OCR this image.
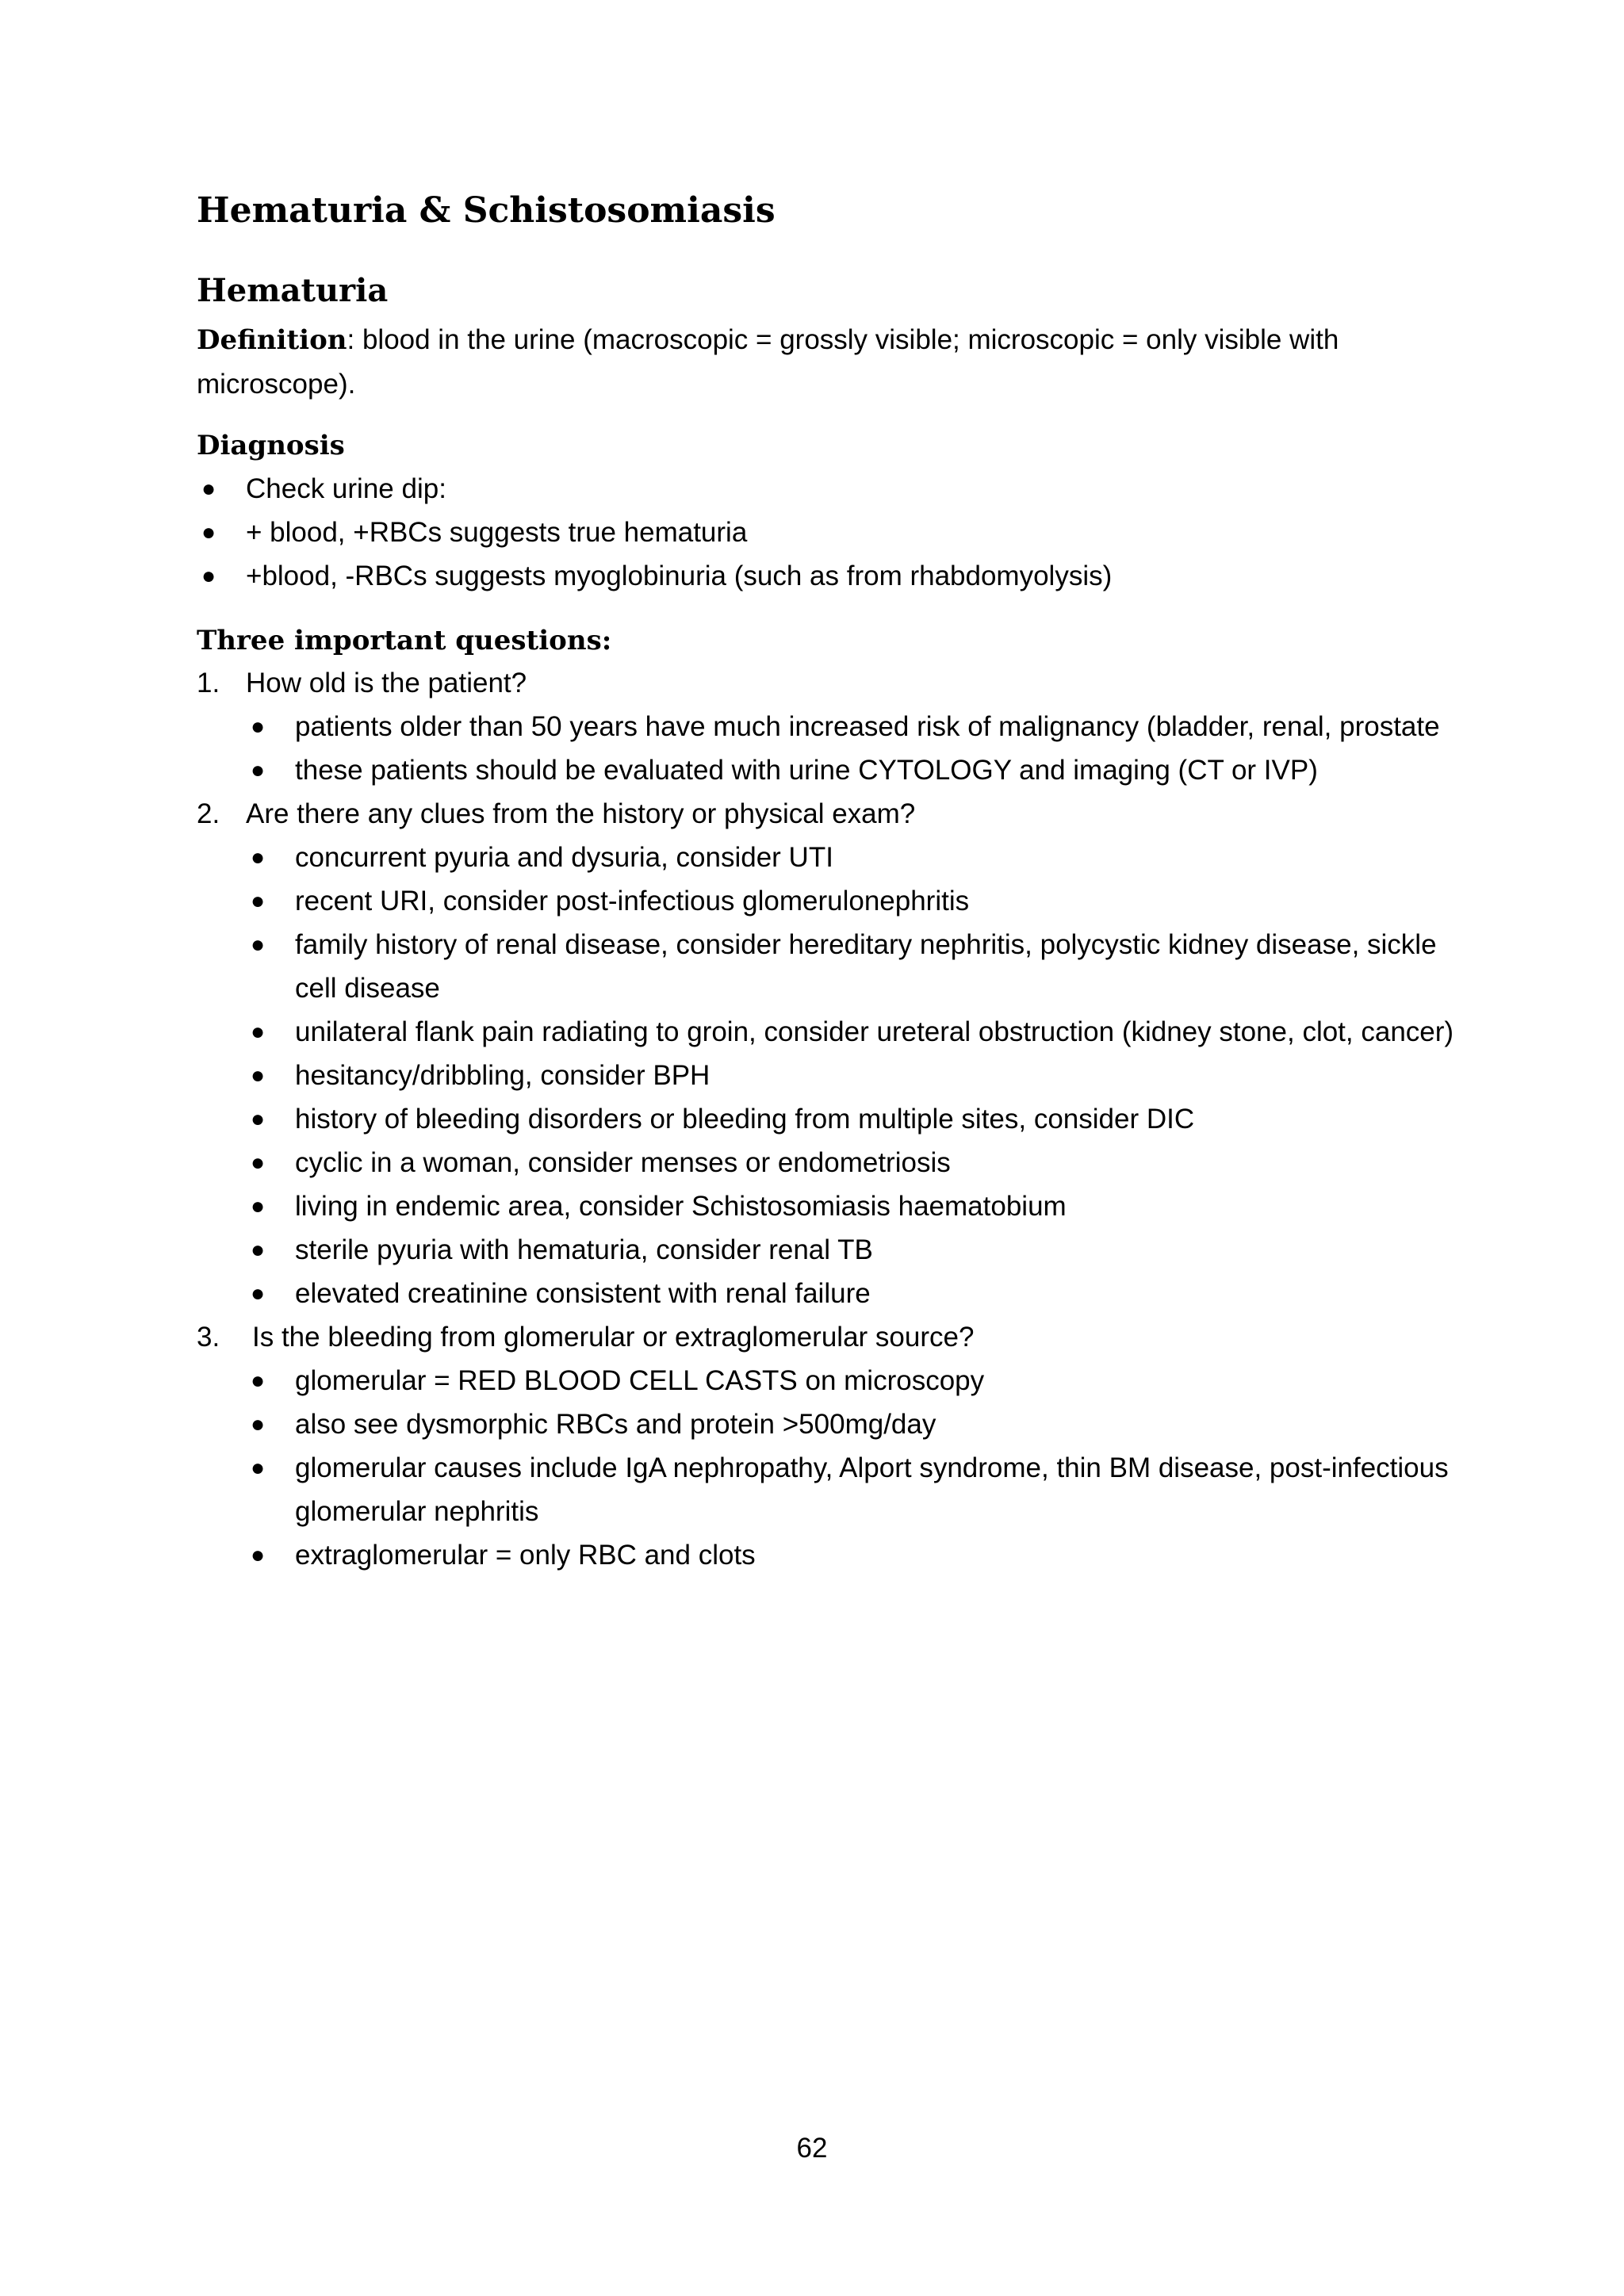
Hematuria & Schistosomiasis
Hematuria

Definition: blood in the urine (macroscopic = grossly visible; microscopic = only visible with microscope).

Diagnosis
● Check urine dip:
● + blood, +RBCs suggests true hematuria
● +blood, -RBCs suggests myoglobinuria (such as from rhabdomyolysis)
Three important questions:
1. How old is the patient?
● patients older than 50 years have much increased risk of malignancy (bladder, renal, prostate
● these patients should be evaluated with urine CYTOLOGY and imaging (CT or IVP)
2. Are there any clues from the history or physical exam?
● concurrent pyuria and dysuria, consider UTI
● recent URI, consider post-infectious glomerulonephritis
● family history of renal disease, consider hereditary nephritis, polycystic kidney disease, sickle cell disease
● unilateral flank pain radiating to groin, consider ureteral obstruction (kidney stone, clot, cancer)
● hesitancy/dribbling, consider BPH
● history of bleeding disorders or bleeding from multiple sites, consider DIC
● cyclic in a woman, consider menses or endometriosis
● living in endemic area, consider Schistosomiasis haematobium
● sterile pyuria with hematuria, consider renal TB
● elevated creatinine consistent with renal failure
3.	Is the bleeding from glomerular or extraglomerular source?
● glomerular = RED BLOOD CELL CASTS on microscopy
● also see dysmorphic RBCs and protein >500mg/day
● glomerular causes include IgA nephropathy, Alport syndrome, thin BM disease, post-infectious glomerular nephritis
● extraglomerular = only RBC and clots
62
